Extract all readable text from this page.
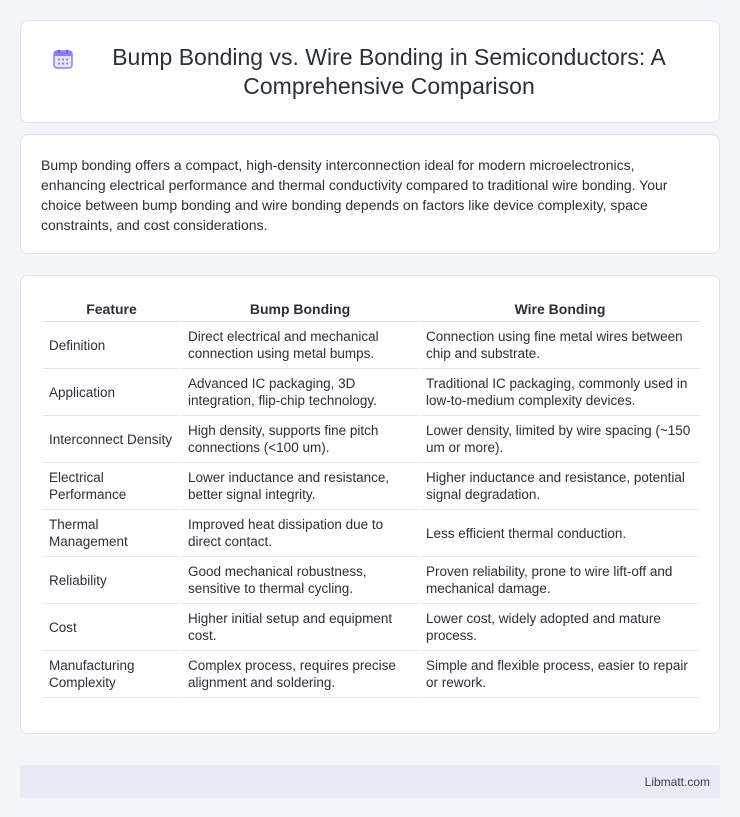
Bump Bonding vs. Wire Bonding in Semiconductors: A Comprehensive Comparison

Bump bonding offers a compact, high-density interconnection ideal for modern microelectronics, enhancing electrical performance and thermal conductivity compared to traditional wire bonding. Your choice between bump bonding and wire bonding depends on factors like device complexity, space constraints, and cost considerations.

Feature	Bump Bonding	Wire Bonding
Definition	Direct electrical and mechanical connection using metal bumps.	Connection using fine metal wires between chip and substrate.
Application	Advanced IC packaging, 3D integration, flip-chip technology.	Traditional IC packaging, commonly used in low-to-medium complexity devices.
Interconnect Density	High density, supports fine pitch connections (<100 um).	Lower density, limited by wire spacing (~150 um or more).
Electrical Performance	Lower inductance and resistance, better signal integrity.	Higher inductance and resistance, potential signal degradation.
Thermal Management	Improved heat dissipation due to direct contact.	Less efficient thermal conduction.
Reliability	Good mechanical robustness, sensitive to thermal cycling.	Proven reliability, prone to wire lift-off and mechanical damage.
Cost	Higher initial setup and equipment cost.	Lower cost, widely adopted and mature process.
Manufacturing Complexity	Complex process, requires precise alignment and soldering.	Simple and flexible process, easier to repair or rework.
Libmatt.com
